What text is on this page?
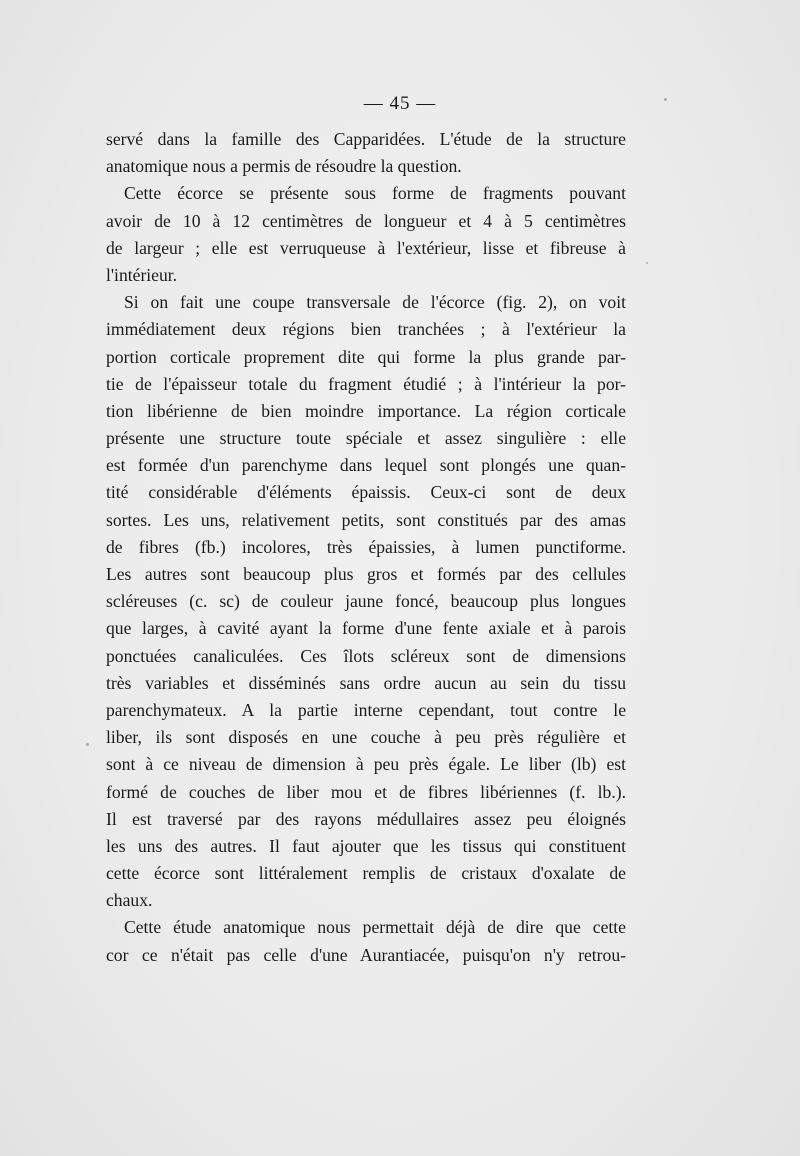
— 45 —
servé dans la famille des Capparidées. L'étude de la structure
anatomique nous a permis de résoudre la question.
Cette écorce se présente sous forme de fragments pouvant
avoir de 10 à 12 centimètres de longueur et 4 à 5 centimètres
de largeur ; elle est verruqueuse à l'extérieur, lisse et fibreuse à
l'intérieur.
Si on fait une coupe transversale de l'écorce (fig. 2), on voit
immédiatement deux régions bien tranchées ; à l'extérieur la
portion corticale proprement dite qui forme la plus grande par-
tie de l'épaisseur totale du fragment étudié ; à l'intérieur la por-
tion libérienne de bien moindre importance. La région corticale
présente une structure toute spéciale et assez singulière : elle
est formée d'un parenchyme dans lequel sont plongés une quan-
tité considérable d'éléments épaissis. Ceux-ci sont de deux
sortes. Les uns, relativement petits, sont constitués par des amas
de fibres (fb.) incolores, très épaissies, à lumen punctiforme.
Les autres sont beaucoup plus gros et formés par des cellules
scléreuses (c. sc) de couleur jaune foncé, beaucoup plus longues
que larges, à cavité ayant la forme d'une fente axiale et à parois
ponctuées canaliculées. Ces îlots scléreux sont de dimensions
très variables et disséminés sans ordre aucun au sein du tissu
parenchymateux. A la partie interne cependant, tout contre le
liber, ils sont disposés en une couche à peu près régulière et
sont à ce niveau de dimension à peu près égale. Le liber (lb) est
formé de couches de liber mou et de fibres libériennes (f. lb.).
Il est traversé par des rayons médullaires assez peu éloignés
les uns des autres. Il faut ajouter que les tissus qui constituent
cette écorce sont littéralement remplis de cristaux d'oxalate de
chaux.
Cette étude anatomique nous permettait déjà de dire que cette
cor ce n'était pas celle d'une Aurantiacée, puisqu'on n'y retrou-
